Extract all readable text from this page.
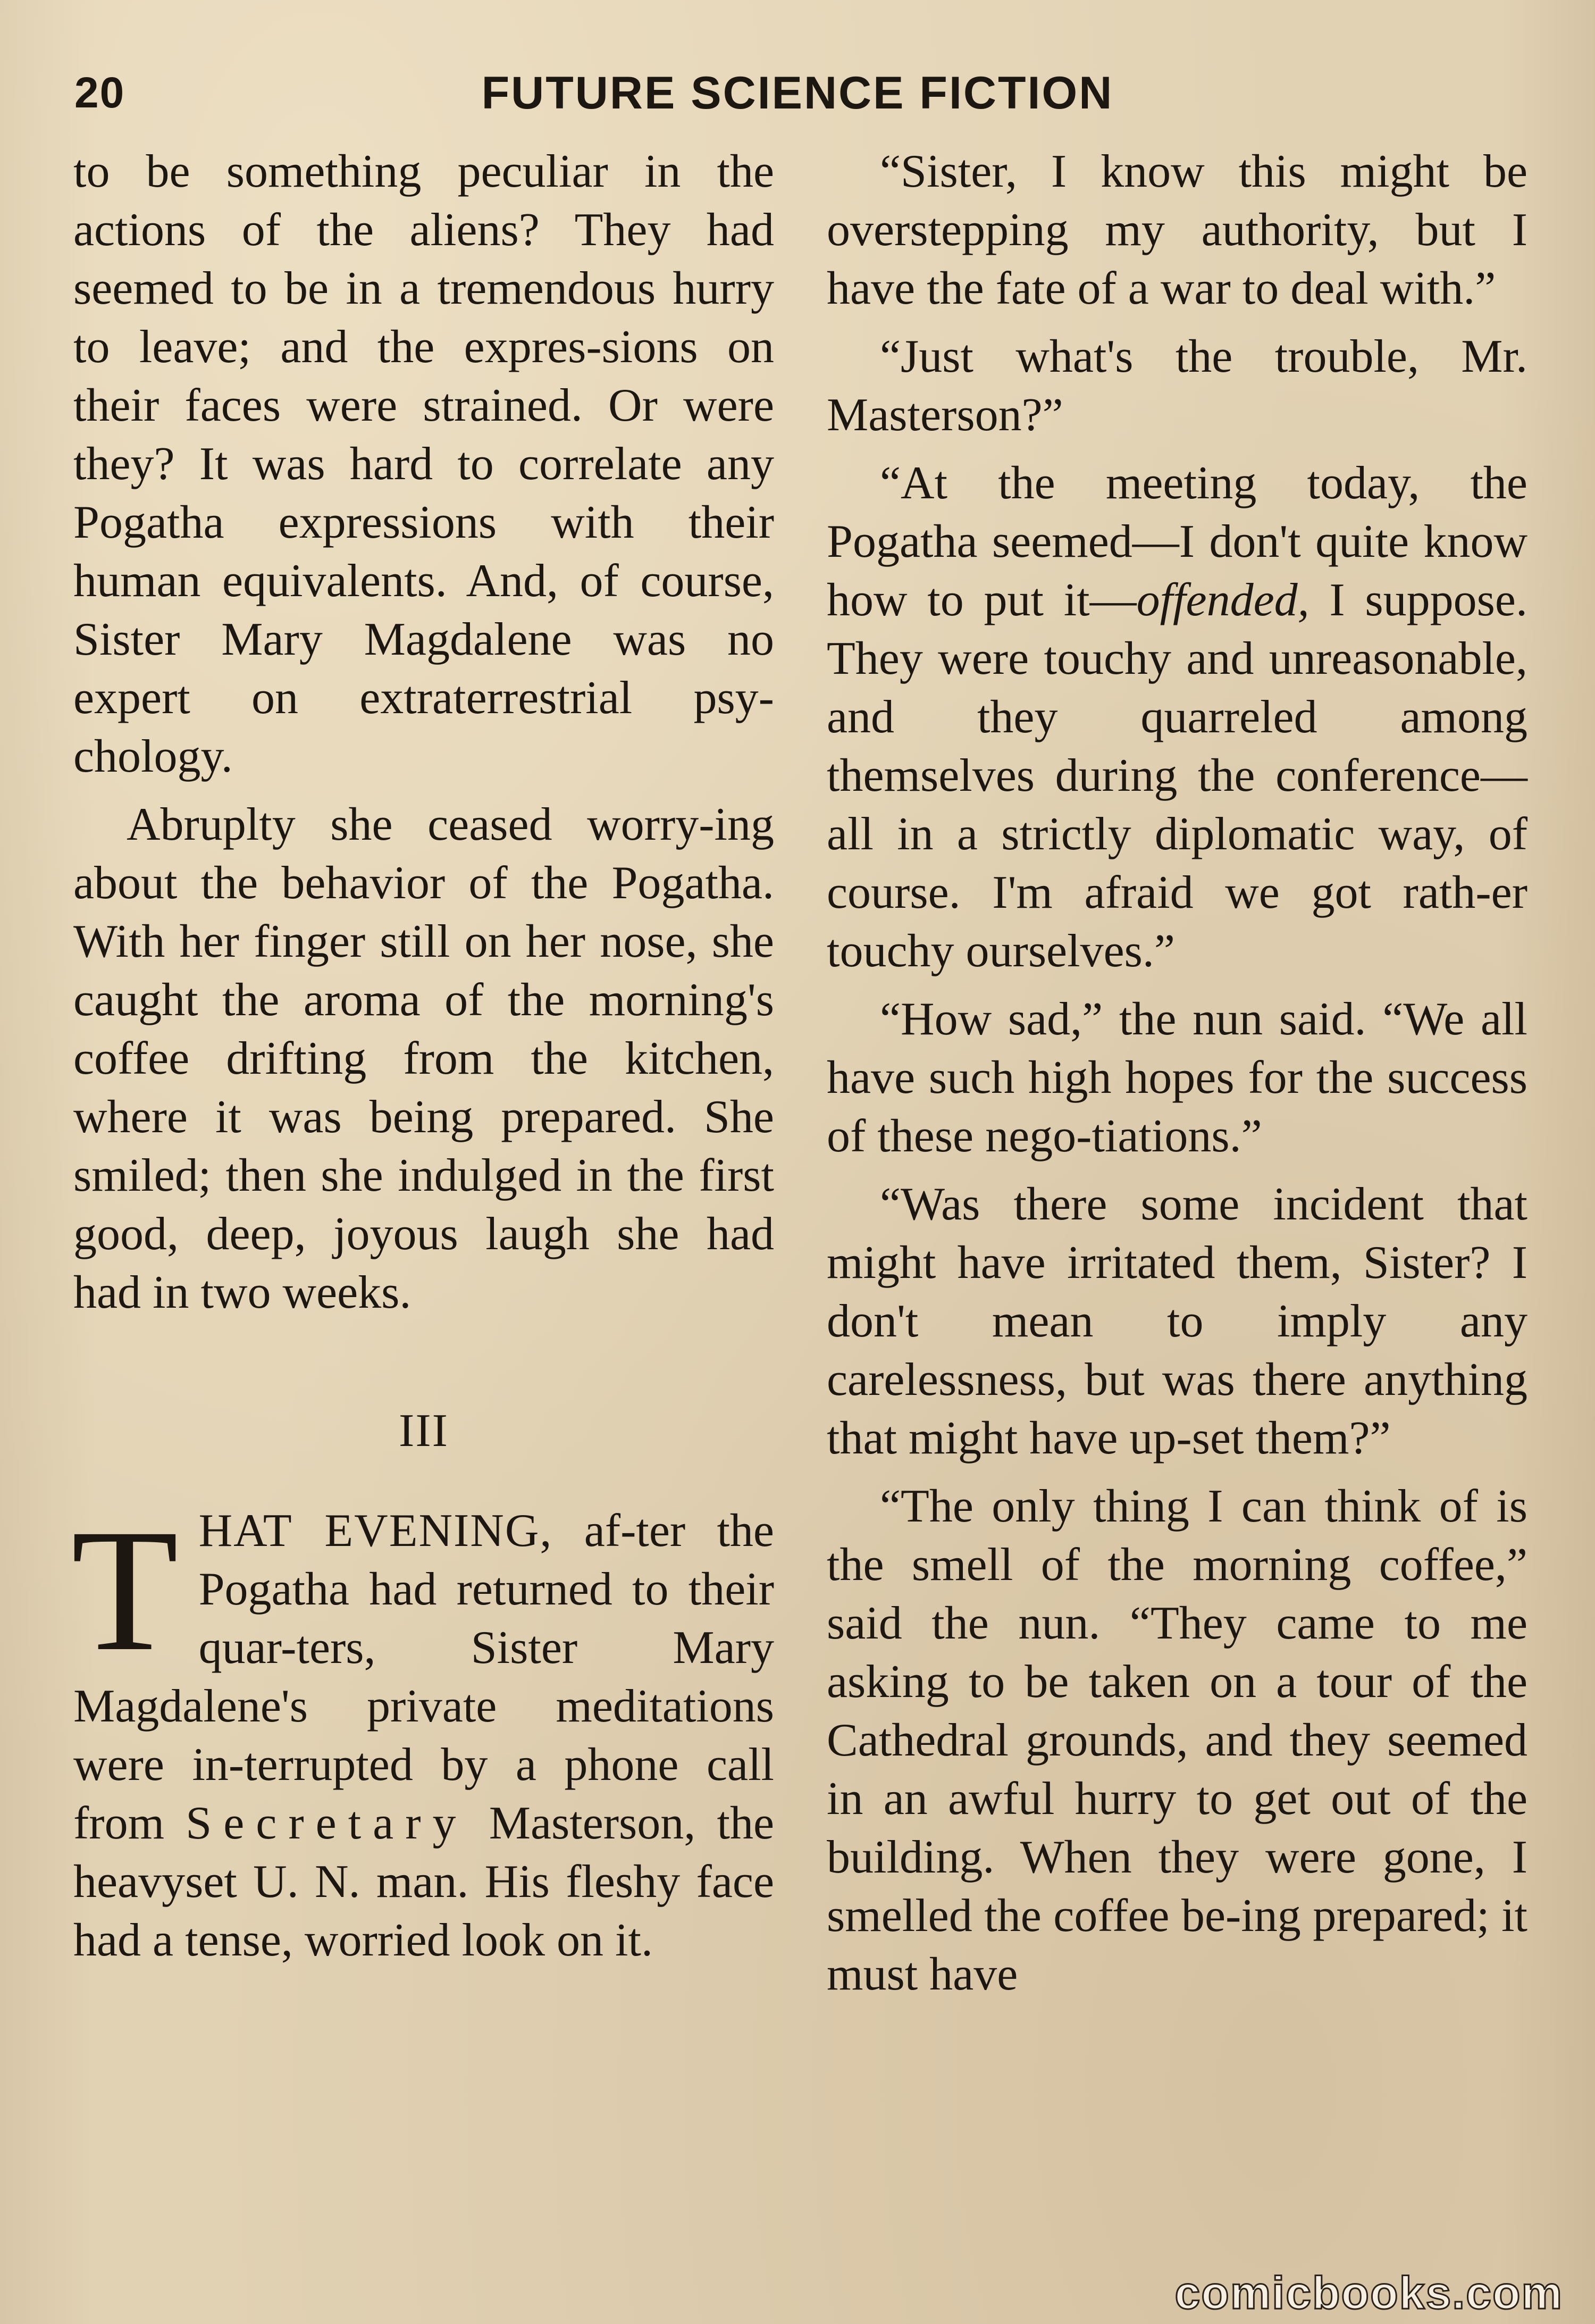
20	FUTURE SCIENCE FICTION

to be something peculiar in the actions of the aliens? They had seemed to be in a tremendous hurry to leave; and the expres-sions on their faces were strained. Or were they? It was hard to correlate any Pogatha expressions with their human equivalents. And, of course, Sister Mary Magdalene was no expert on extraterrestrial psy-chology.

Abruplty she ceased worry-ing about the behavior of the Pogatha. With her finger still on her nose, she caught the aroma of the morning's coffee drifting from the kitchen, where it was being prepared. She smiled; then she indulged in the first good, deep, joyous laugh she had had in two weeks.

III

THAT EVENING, af-ter the Pogatha had returned to their quar-ters, Sister Mary Magdalene's private meditations were in-terrupted by a phone call from Secretary Masterson, the heavyset U. N. man. His fleshy face had a tense, worried look on it.

“Sister, I know this might be overstepping my authority, but I have the fate of a war to deal with.”

“Just what's the trouble, Mr. Masterson?”

“At the meeting today, the Pogatha seemed—I don't quite know how to put it—offended, I suppose. They were touchy and unreasonable, and they quarreled among themselves during the conference—all in a strictly diplomatic way, of course. I'm afraid we got rath-er touchy ourselves.”

“How sad,” the nun said. “We all have such high hopes for the success of these nego-tiations.”

“Was there some incident that might have irritated them, Sister? I don't mean to imply any carelessness, but was there anything that might have up-set them?”

“The only thing I can think of is the smell of the morning coffee,” said the nun. “They came to me asking to be taken on a tour of the Cathedral grounds, and they seemed in an awful hurry to get out of the building. When they were gone, I smelled the coffee be-ing prepared; it must have

comicbooks.com
